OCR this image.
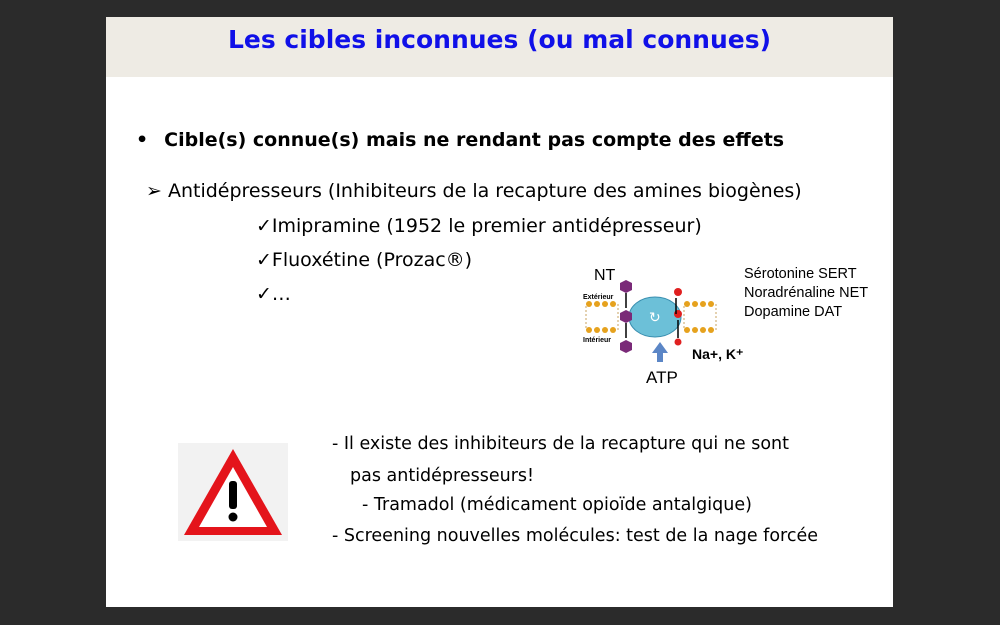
Les cibles inconnues (ou mal connues)
• Cible(s) connue(s) mais ne rendant pas compte des effets
➢ Antidépresseurs (Inhibiteurs de la recapture des amines biogènes)
✓Imipramine (1952 le premier antidépresseur)
✓Fluoxétine (Prozac®)
✓…
NT
Extérieur
Intérieur
↻
ATP
Na+, K⁺
Sérotonine SERT
Noradrénaline NET
Dopamine DAT
- Il existe des inhibiteurs de la recapture qui ne sont
pas antidépresseurs!
- Tramadol (médicament opioïde antalgique)
- Screening nouvelles molécules: test de la nage forcée
